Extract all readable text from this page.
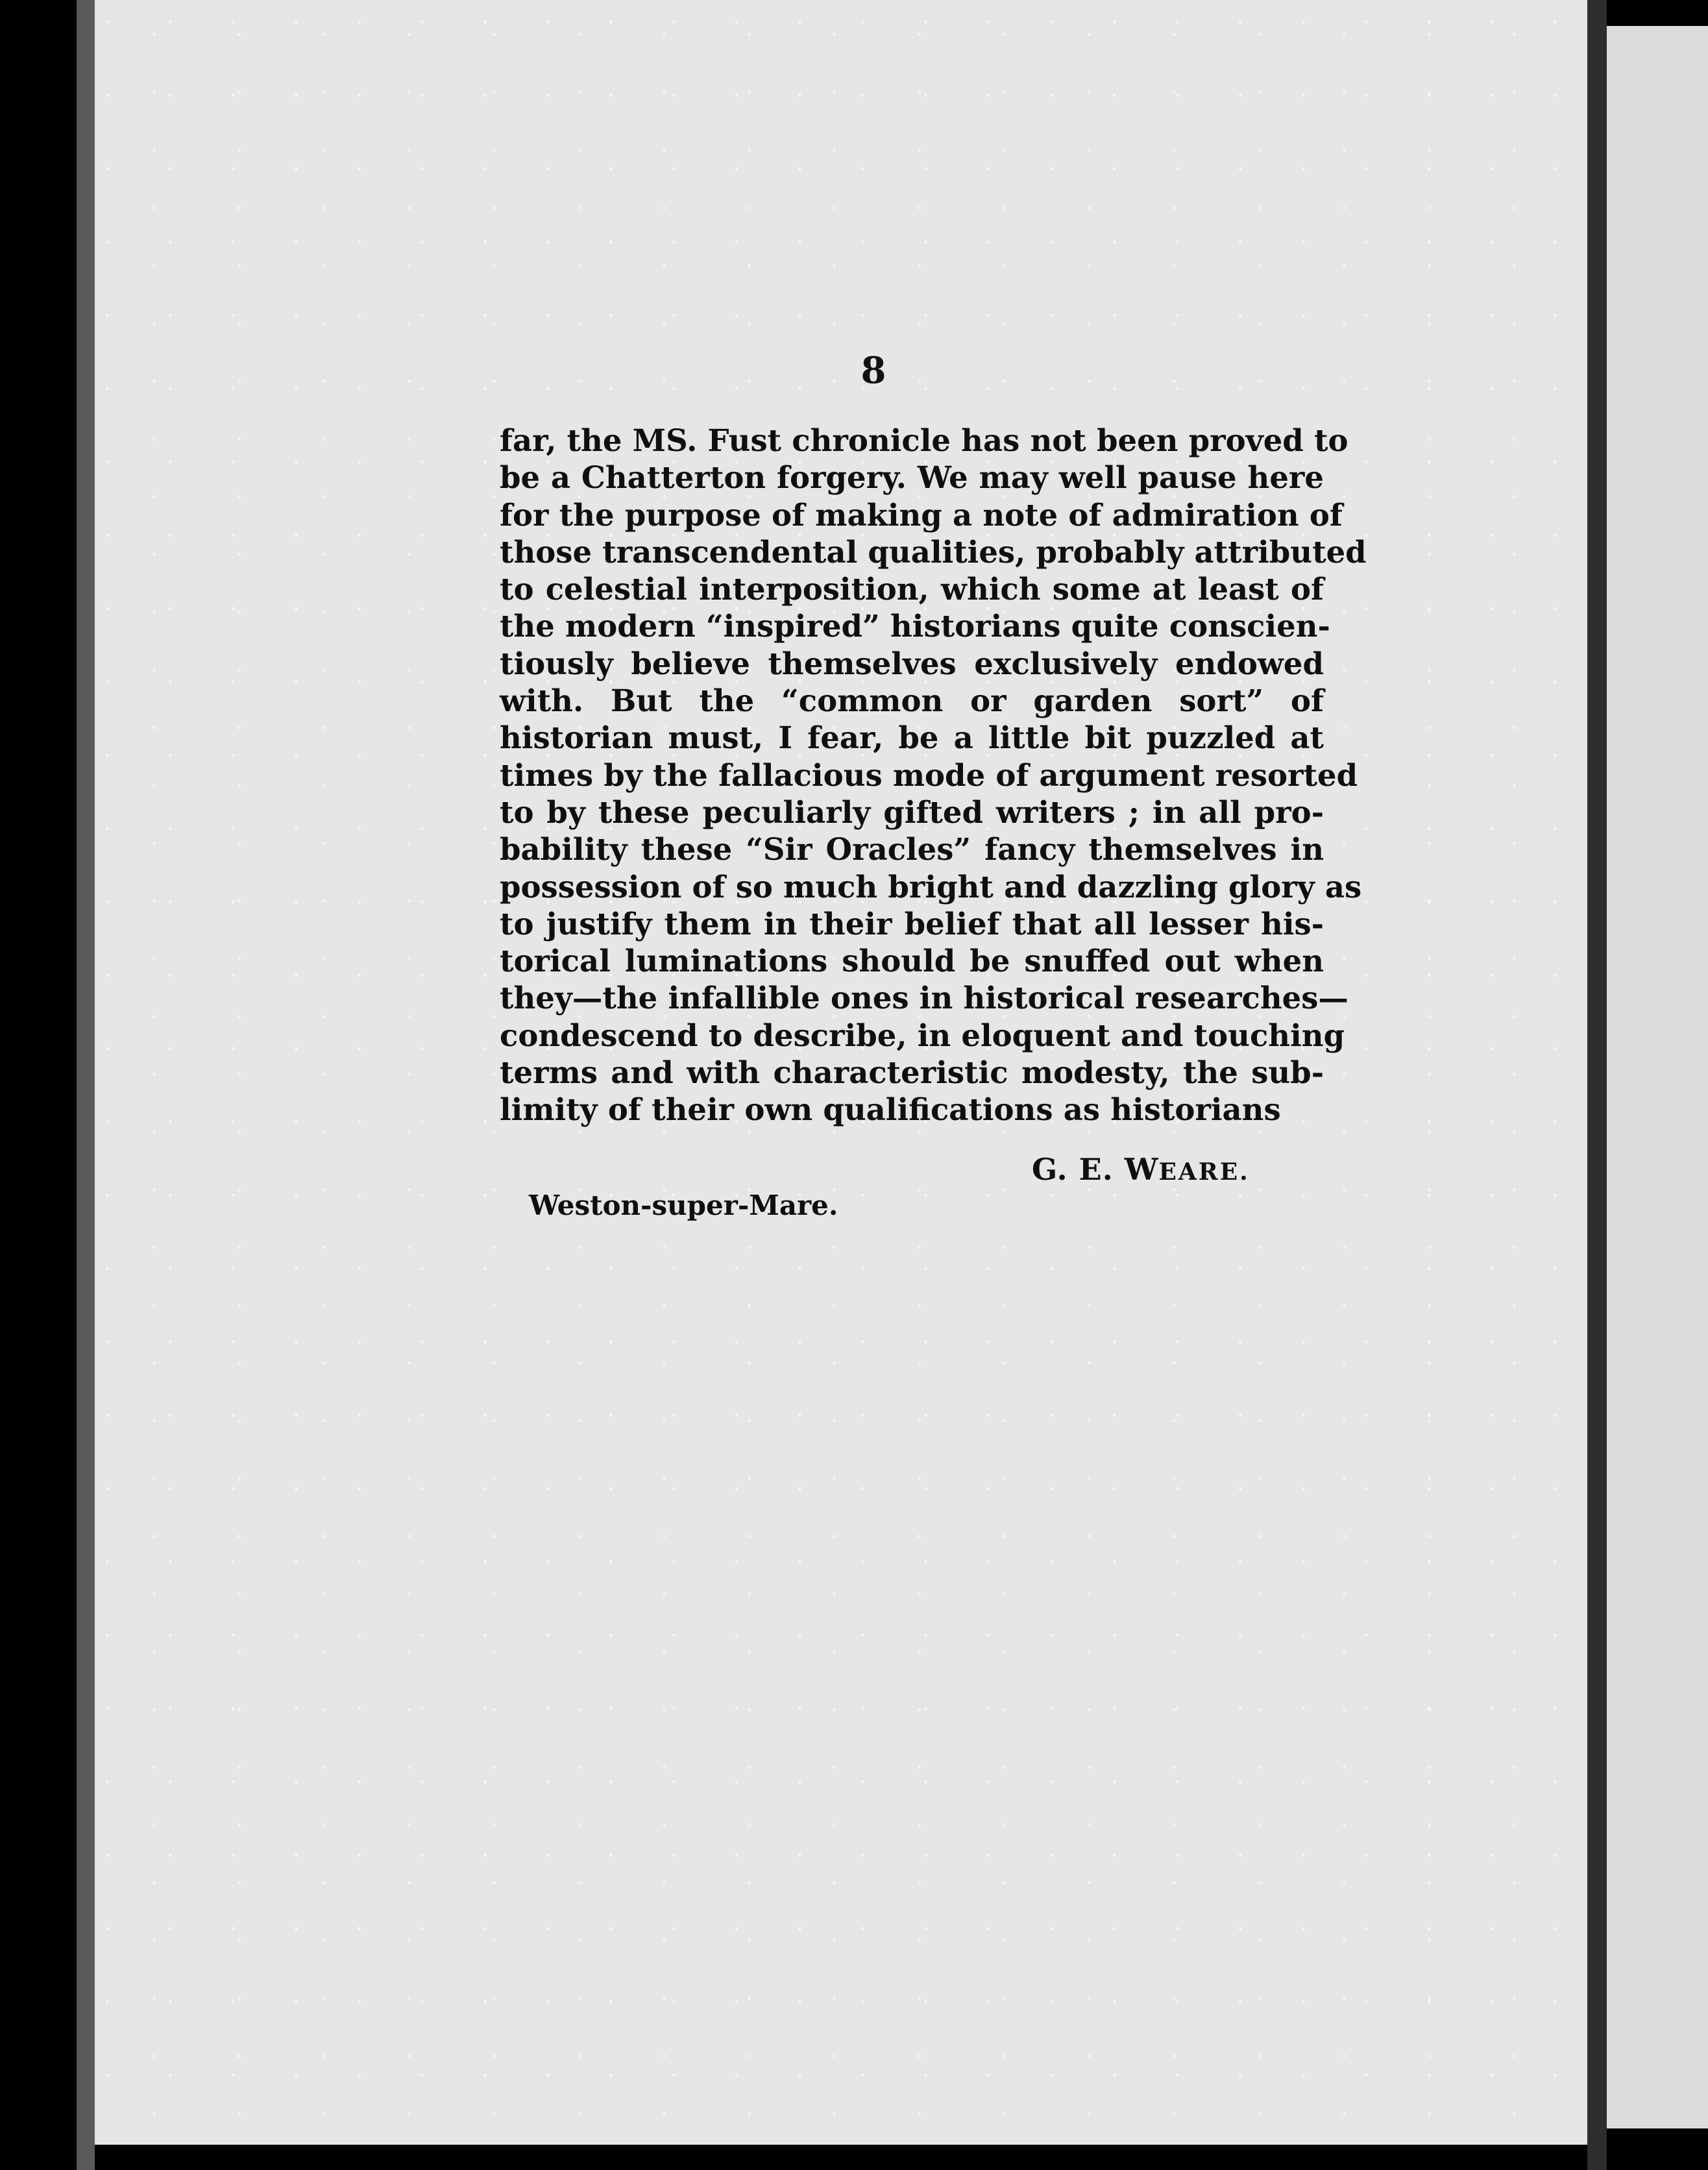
8
far, the MS. Fust chronicle has not been proved to
be a Chatterton forgery. We may well pause here
for the purpose of making a note of admiration of
those transcendental qualities, probably attributed
to celestial interposition, which some at least of
the modern “inspired” historians quite conscien-
tiously believe themselves exclusively endowed
with. But the “common or garden sort” of
historian must, I fear, be a little bit puzzled at
times by the fallacious mode of argument resorted
to by these peculiarly gifted writers ; in all pro-
bability these “Sir Oracles” fancy themselves in
possession of so much bright and dazzling glory as
to justify them in their belief that all lesser his-
torical luminations should be snuffed out when
they—the infallible ones in historical researches—
condescend to describe, in eloquent and touching
terms and with characteristic modesty, the sub-
limity of their own qualifications as historians
G. E. WEARE.
Weston-super-Mare.
